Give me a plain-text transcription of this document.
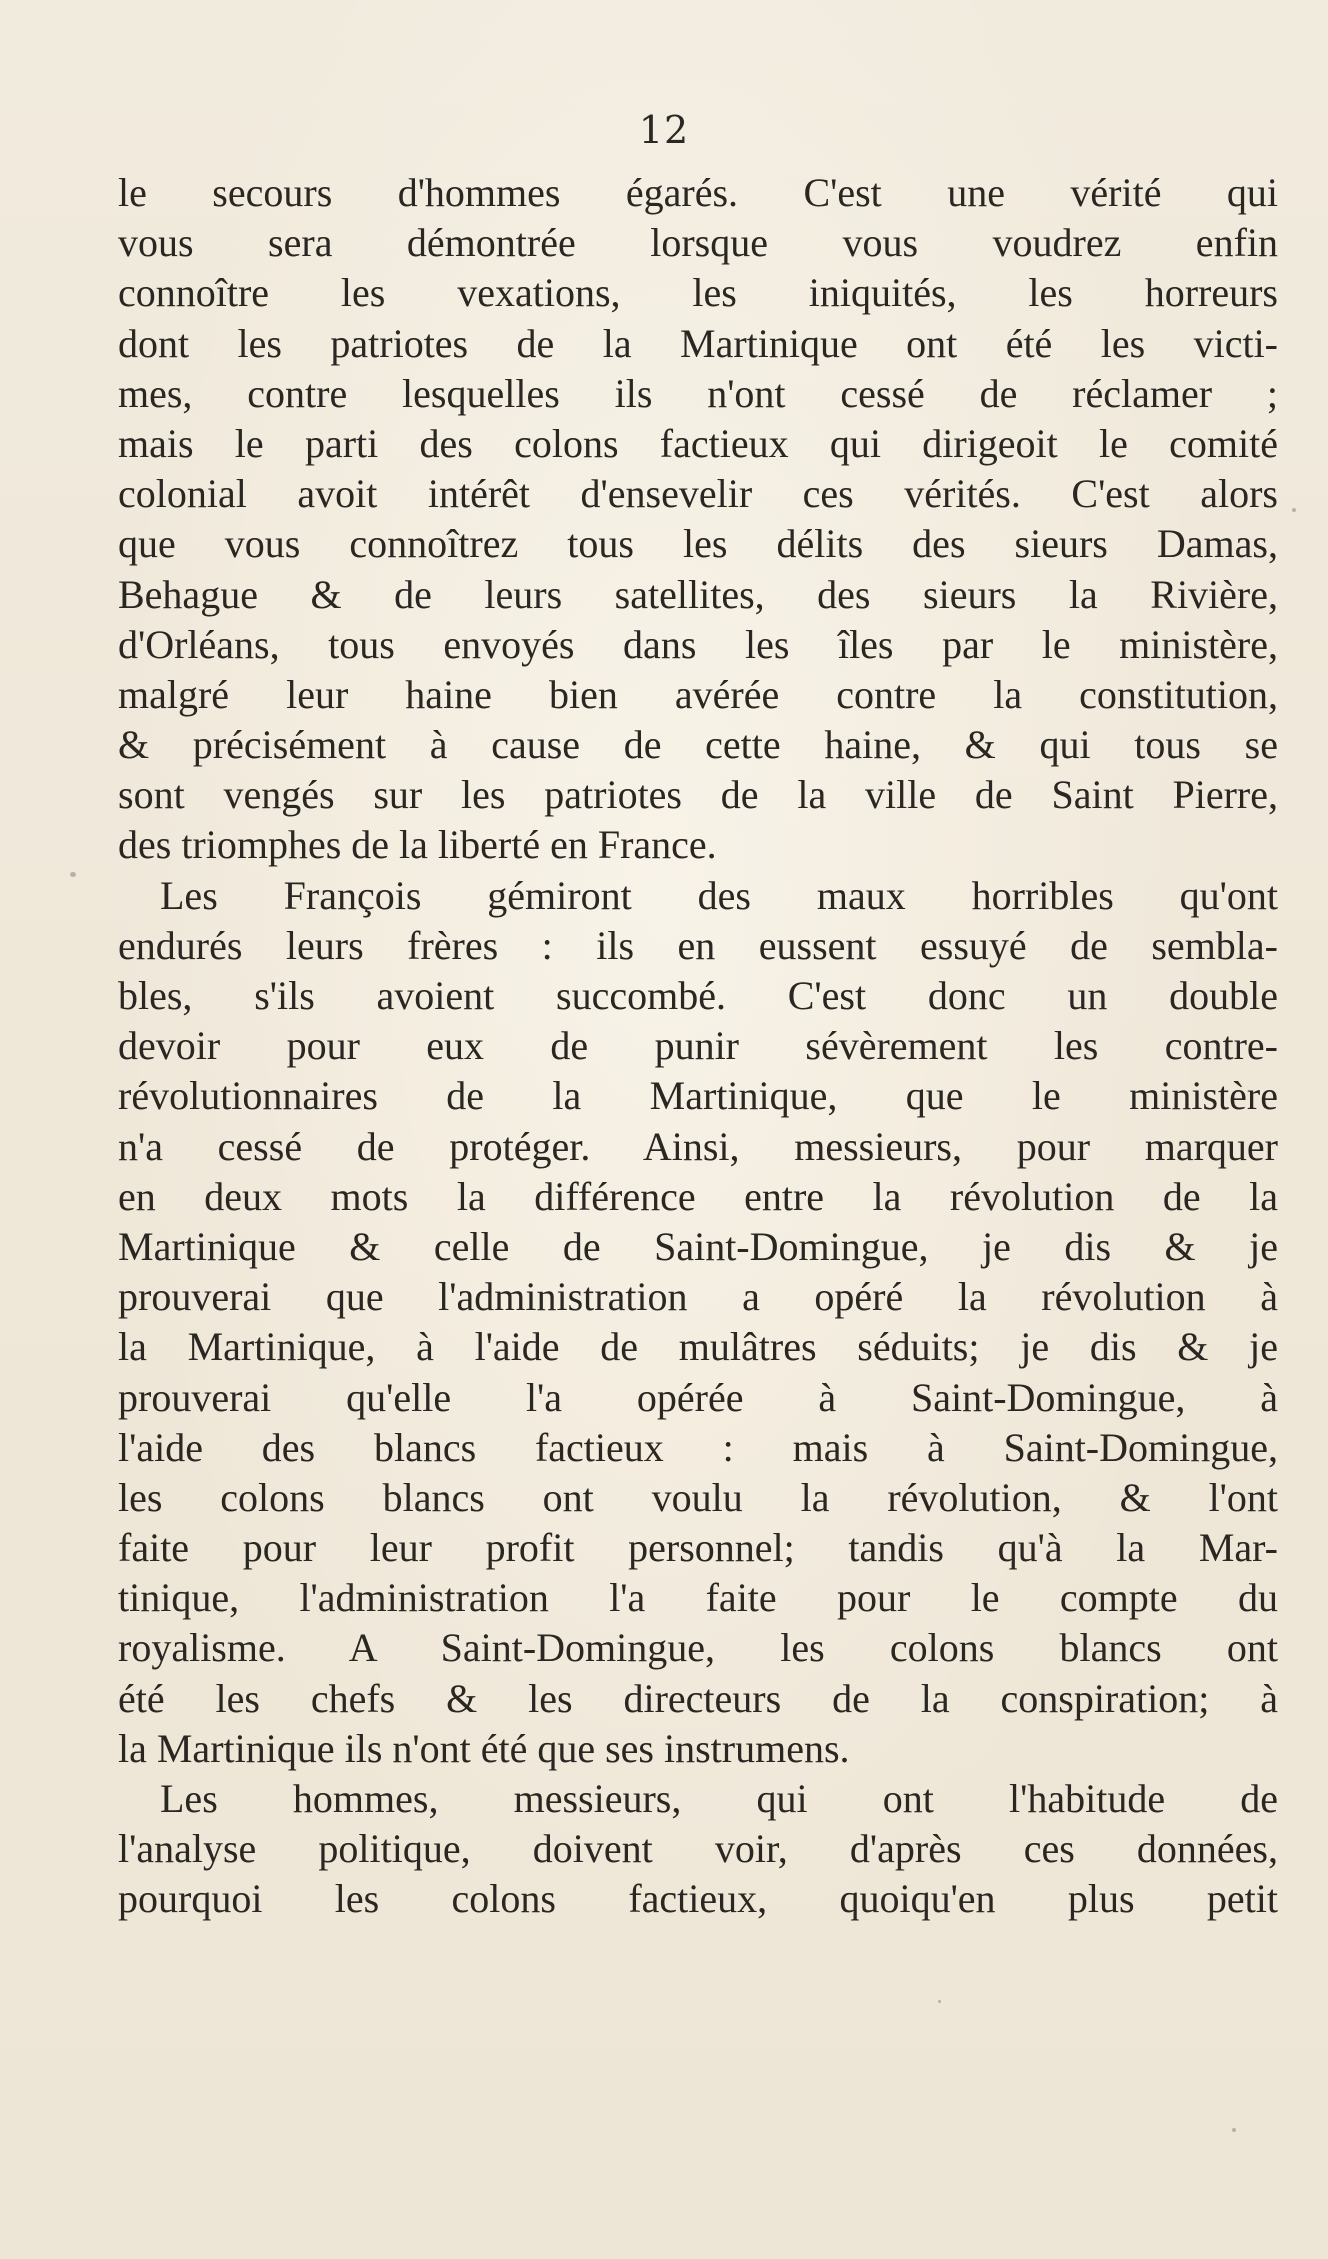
12
le secours d'hommes égarés. C'est une vérité qui
vous sera démontrée lorsque vous voudrez enfin
connoître les vexations, les iniquités, les horreurs
dont les patriotes de la Martinique ont été les victi-
mes, contre lesquelles ils n'ont cessé de réclamer ;
mais le parti des colons factieux qui dirigeoit le comité
colonial avoit intérêt d'ensevelir ces vérités. C'est alors
que vous connoîtrez tous les délits des sieurs Damas,
Behague & de leurs satellites, des sieurs la Rivière,
d'Orléans, tous envoyés dans les îles par le ministère,
malgré leur haine bien avérée contre la constitution,
& précisément à cause de cette haine, & qui tous se
sont vengés sur les patriotes de la ville de Saint Pierre,
des triomphes de la liberté en France.
Les François gémiront des maux horribles qu'ont
endurés leurs frères : ils en eussent essuyé de sembla-
bles, s'ils avoient succombé. C'est donc un double
devoir pour eux de punir sévèrement les contre-
révolutionnaires de la Martinique, que le ministère
n'a cessé de protéger. Ainsi, messieurs, pour marquer
en deux mots la différence entre la révolution de la
Martinique & celle de Saint-Domingue, je dis & je
prouverai que l'administration a opéré la révolution à
la Martinique, à l'aide de mulâtres séduits; je dis & je
prouverai qu'elle l'a opérée à Saint-Domingue, à
l'aide des blancs factieux : mais à Saint-Domingue,
les colons blancs ont voulu la révolution, & l'ont
faite pour leur profit personnel; tandis qu'à la Mar-
tinique, l'administration l'a faite pour le compte du
royalisme. A Saint-Domingue, les colons blancs ont
été les chefs & les directeurs de la conspiration; à
la Martinique ils n'ont été que ses instrumens.
Les hommes, messieurs, qui ont l'habitude de
l'analyse politique, doivent voir, d'après ces données,
pourquoi les colons factieux, quoiqu'en plus petit
